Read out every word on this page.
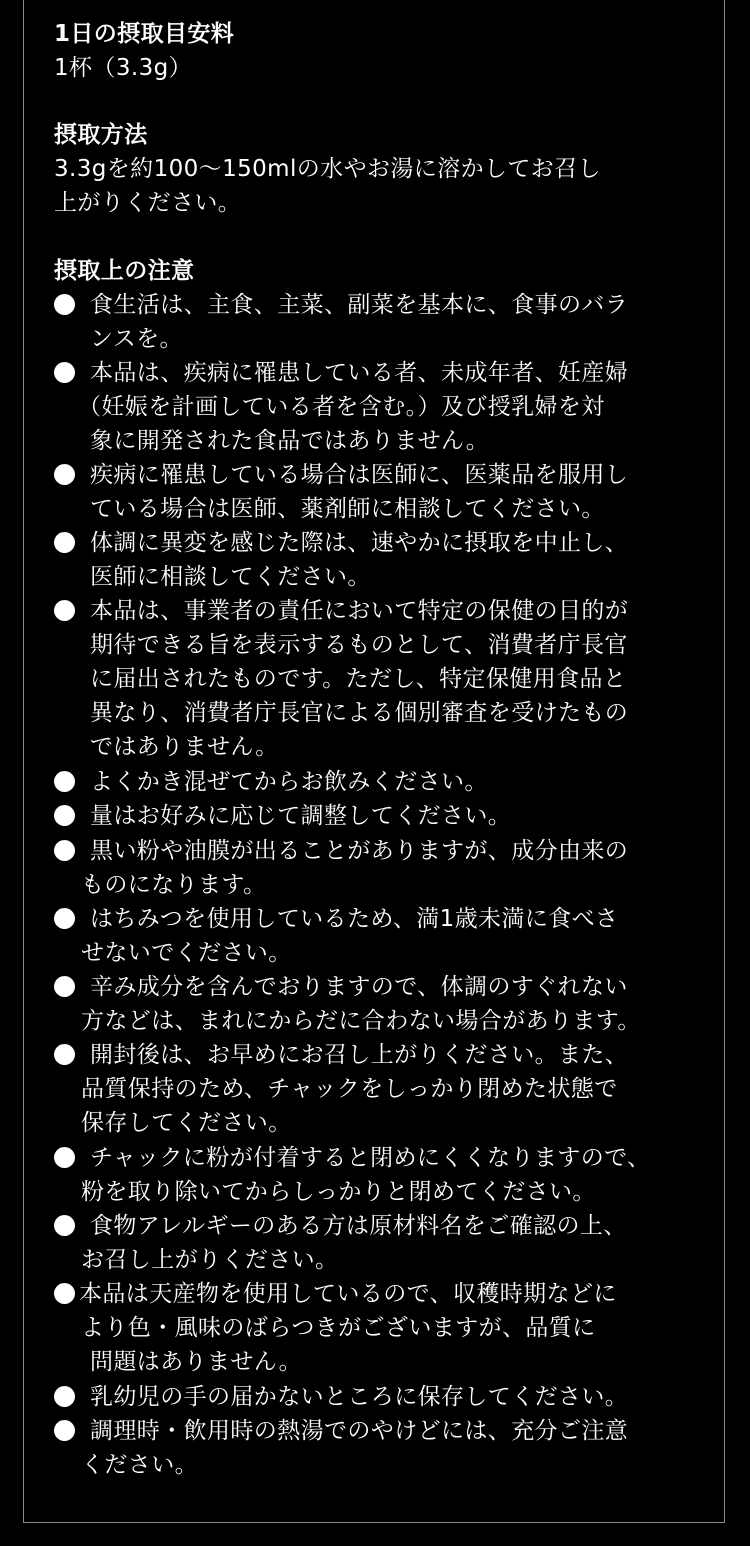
1日の摂取目安料
1杯（3.3g）
摂取方法
3.3gを約100〜150mlの水やお湯に溶かしてお召し
上がりください。
摂取上の注意
食生活は、主食、主菜、副菜を基本に、食事のバラ
ンスを。
本品は、疾病に罹患している者、未成年者、妊産婦
（妊娠を計画している者を含む。）及び授乳婦を対
象に開発された食品ではありません。
疾病に罹患している場合は医師に、医薬品を服用し
ている場合は医師、薬剤師に相談してください。
体調に異変を感じた際は、速やかに摂取を中止し、
医師に相談してください。
本品は、事業者の責任において特定の保健の目的が
期待できる旨を表示するものとして、消費者庁長官
に届出されたものです。ただし、特定保健用食品と
異なり、消費者庁長官による個別審査を受けたもの
ではありません。
よくかき混ぜてからお飲みください。
量はお好みに応じて調整してください。
黒い粉や油膜が出ることがありますが、成分由来の
ものになります。
はちみつを使用しているため、満1歳未満に食べさ
せないでください。
辛み成分を含んでおりますので、体調のすぐれない
方などは、まれにからだに合わない場合があります。
開封後は、お早めにお召し上がりください。また、
品質保持のため、チャックをしっかり閉めた状態で
保存してください。
チャックに粉が付着すると閉めにくくなりますので、
粉を取り除いてからしっかりと閉めてください。
食物アレルギーのある方は原材料名をご確認の上、
お召し上がりください。
本品は天産物を使用しているので、収穫時期などに
より色・風味のばらつきがございますが、品質に
問題はありません。
乳幼児の手の届かないところに保存してください。
調理時・飲用時の熱湯でのやけどには、充分ご注意
ください。
